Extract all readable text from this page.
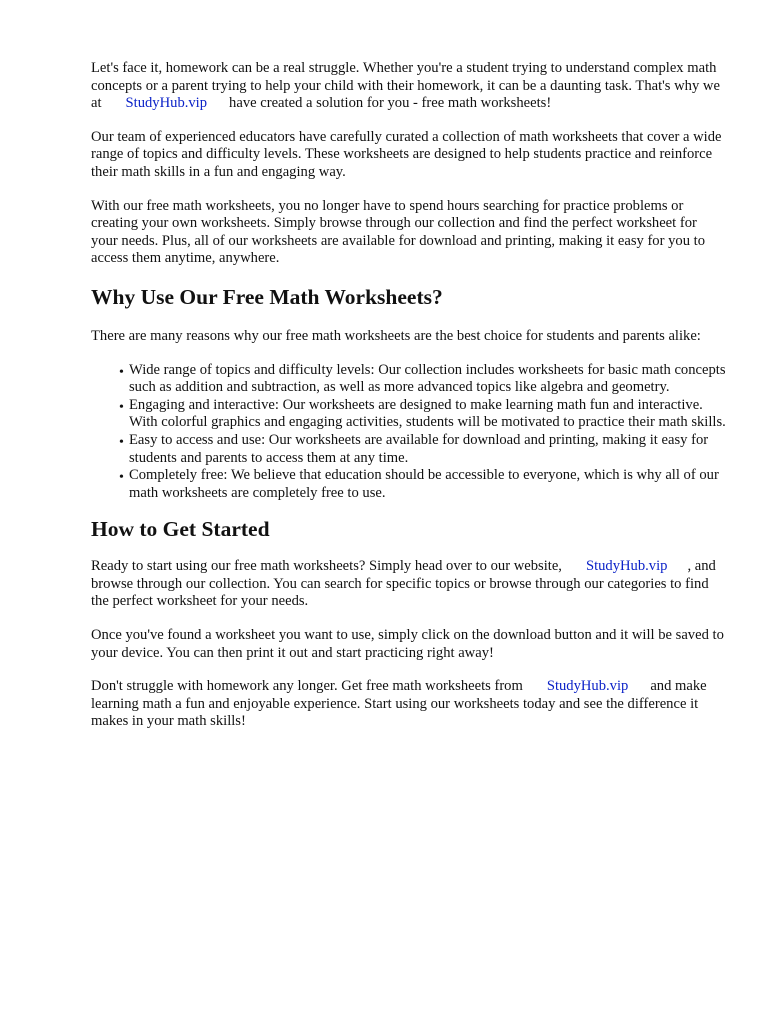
Let's face it, homework can be a real struggle. Whether you're a student trying to understand complex math concepts or a parent trying to help your child with their homework, it can be a daunting task. That's why we at StudyHub.vip have created a solution for you - free math worksheets!

Our team of experienced educators have carefully curated a collection of math worksheets that cover a wide range of topics and difficulty levels. These worksheets are designed to help students practice and reinforce their math skills in a fun and engaging way.

With our free math worksheets, you no longer have to spend hours searching for practice problems or creating your own worksheets. Simply browse through our collection and find the perfect worksheet for your needs. Plus, all of our worksheets are available for download and printing, making it easy for you to access them anytime, anywhere.

Why Use Our Free Math Worksheets?

There are many reasons why our free math worksheets are the best choice for students and parents alike:

• Wide range of topics and difficulty levels: Our collection includes worksheets for basic math concepts such as addition and subtraction, as well as more advanced topics like algebra and geometry.
• Engaging and interactive: Our worksheets are designed to make learning math fun and interactive. With colorful graphics and engaging activities, students will be motivated to practice their math skills.
• Easy to access and use: Our worksheets are available for download and printing, making it easy for students and parents to access them at any time.
• Completely free: We believe that education should be accessible to everyone, which is why all of our math worksheets are completely free to use.
How to Get Started

Ready to start using our free math worksheets? Simply head over to our website, StudyHub.vip , and browse through our collection. You can search for specific topics or browse through our categories to find the perfect worksheet for your needs.

Once you've found a worksheet you want to use, simply click on the download button and it will be saved to your device. You can then print it out and start practicing right away!

Don't struggle with homework any longer. Get free math worksheets from StudyHub.vip and make learning math a fun and enjoyable experience. Start using our worksheets today and see the difference it makes in your math skills!
